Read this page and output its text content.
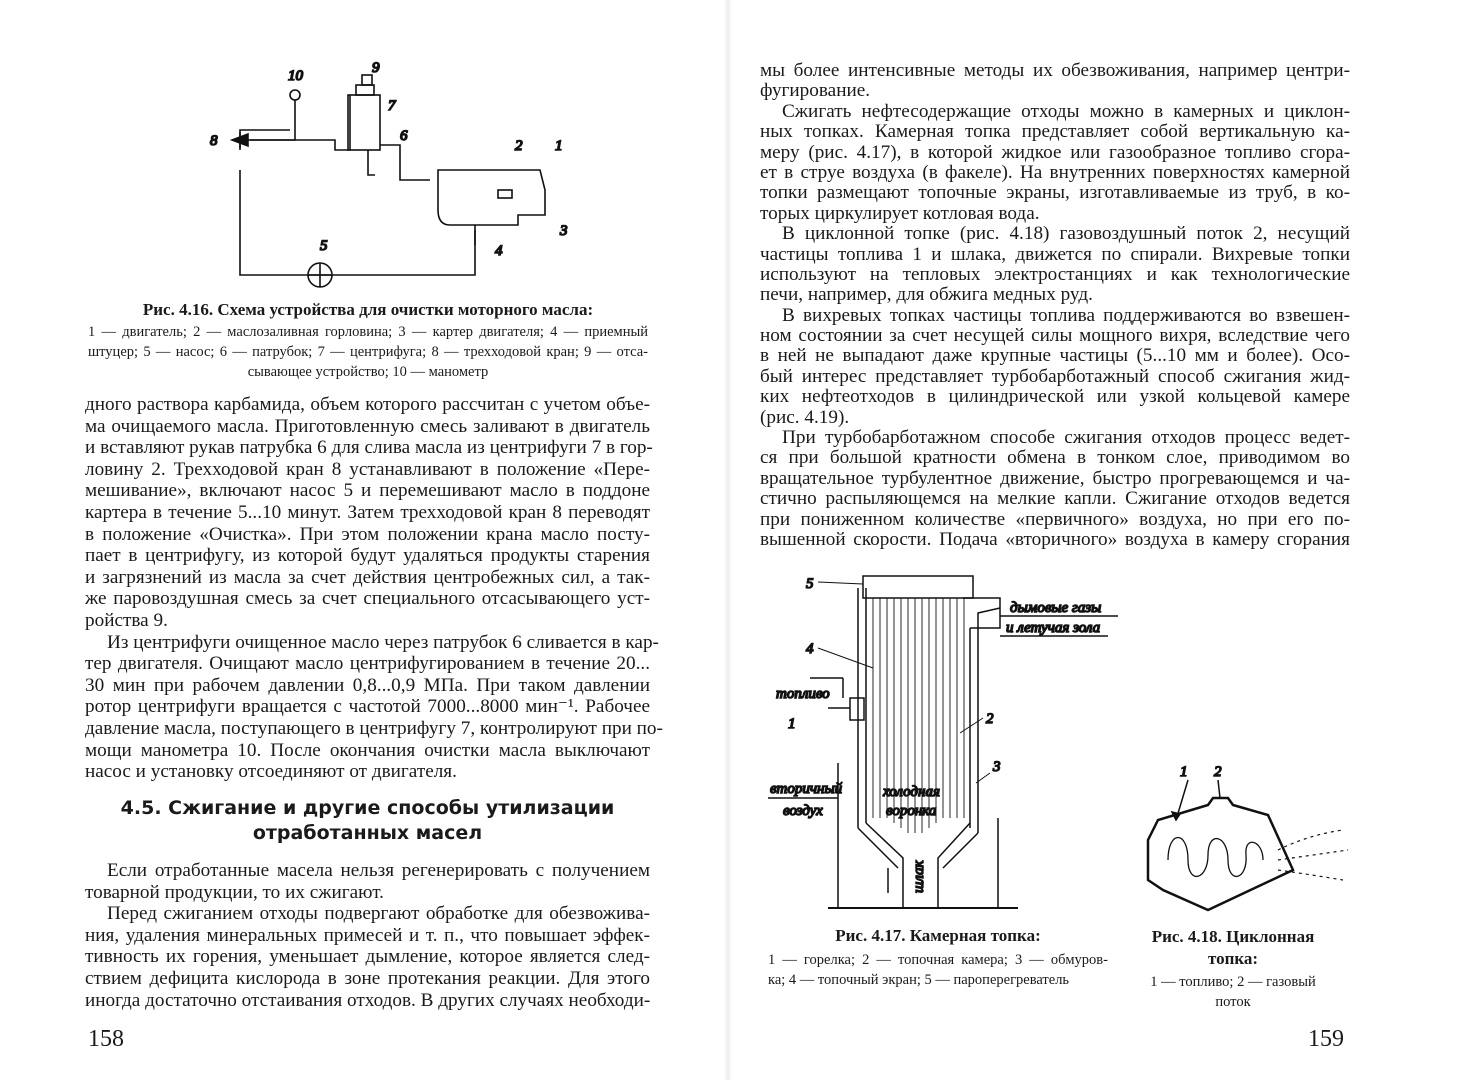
10	9
7
6
8	2 1
3
5	4
Рис. 4.16. Схема устройства для очистки моторного масла:
1 — двигатель; 2 — маслозаливная горловина; 3 — картер двигателя; 4 — приемный
штуцер; 5 — насос; 6 — патрубок; 7 — центрифуга; 8 — трехходовой кран; 9 — отса-
сывающее устройство; 10 — манометр
дного раствора карбамида, объем которого рассчитан с учетом объе-
ма очищаемого масла. Приготовленную смесь заливают в двигатель
и вставляют рукав патрубка 6 для слива масла из центрифуги 7 в гор-
ловину 2. Трехходовой кран 8 устанавливают в положение «Пере-
мешивание», включают насос 5 и перемешивают масло в поддоне
картера в течение 5...10 минут. Затем трехходовой кран 8 переводят
в положение «Очистка». При этом положении крана масло посту-
пает в центрифугу, из которой будут удаляться продукты старения
и загрязнений из масла за счет действия центробежных сил, а так-
же паровоздушная смесь за счет специального отсасывающего уст-
ройства 9.
Из центрифуги очищенное масло через патрубок 6 сливается в кар-
тер двигателя. Очищают масло центрифугированием в течение 20...
30 мин при рабочем давлении 0,8...0,9 МПа. При таком давлении
ротор центрифуги вращается с частотой 7000...8000 мин⁻¹. Рабочее
давление масла, поступающего в центрифугу 7, контролируют при по-
мощи манометра 10. После окончания очистки масла выключают
насос и установку отсоединяют от двигателя.
4.5. Сжигание и другие способы утилизации
отработанных масел
Если отработанные масела нельзя регенерировать с получением
товарной продукции, то их сжигают.
Перед сжиганием отходы подвергают обработке для обезвожива-
ния, удаления минеральных примесей и т. п., что повышает эффек-
тивность их горения, уменьшает дымление, которое является след-
ствием дефицита кислорода в зоне протекания реакции. Для этого
иногда достаточно отстаивания отходов. В других случаях необходи-
158
мы более интенсивные методы их обезвоживания, например центри-
фугирование.
Сжигать нефтесодержащие отходы можно в камерных и циклон-
ных топках. Камерная топка представляет собой вертикальную ка-
меру (рис. 4.17), в которой жидкое или газообразное топливо сгора-
ет в струе воздуха (в факеле). На внутренних поверхностях камерной
топки размещают топочные экраны, изготавливаемые из труб, в ко-
торых циркулирует котловая вода.
В циклонной топке (рис. 4.18) газовоздушный поток 2, несущий
частицы топлива 1 и шлака, движется по спирали. Вихревые топки
используют на тепловых электростанциях и как технологические
печи, например, для обжига медных руд.
В вихревых топках частицы топлива поддерживаются во взвешен-
ном состоянии за счет несущей силы мощного вихря, вследствие чего
в ней не выпадают даже крупные частицы (5...10 мм и более). Осо-
бый интерес представляет турбобарботажный способ сжигания жид-
ких нефтеотходов в цилиндрической или узкой кольцевой камере
(рис. 4.19).
При турбобарботажном способе сжигания отходов процесс ведет-
ся при большой кратности обмена в тонком слое, приводимом во
вращательное турбулентное движение, быстро прогревающемся и ча-
стично распыляющемся на мелкие капли. Сжигание отходов ведется
при пониженном количестве «первичного» воздуха, но при его по-
вышенной скорости. Подача «вторичного» воздуха в камеру сгорания
5
4
топливо
1
вторичный
воздух
холодная
воронка
шлак
2
3
дымовые газы
и летучая зола
Рис. 4.17. Камерная топка:
1 — горелка; 2 — топочная камера; 3 — обмуров-
ка; 4 — топочный экран; 5 — пароперегреватель
1 2
Рис. 4.18. Циклонная
топка:
1 — топливо; 2 — газовый
поток
159
